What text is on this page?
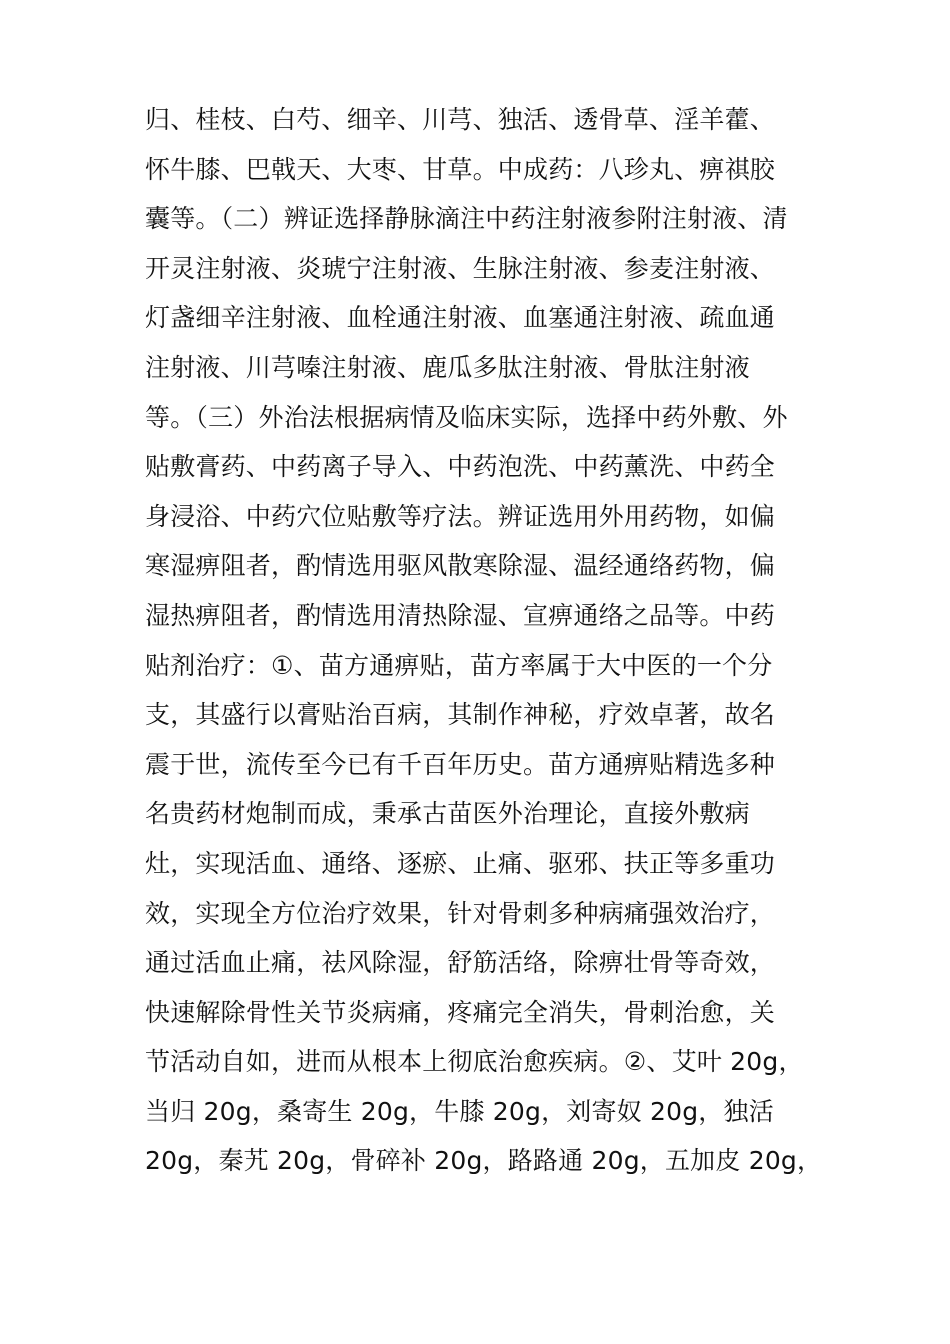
归、桂枝、白芍、细辛、川芎、独活、透骨草、淫羊藿、
怀牛膝、巴戟天、大枣、甘草。中成药：八珍丸、痹祺胶
囊等。（二）辨证选择静脉滴注中药注射液参附注射液、清
开灵注射液、炎琥宁注射液、生脉注射液、参麦注射液、
灯盏细辛注射液、血栓通注射液、血塞通注射液、疏血通
注射液、川芎嗪注射液、鹿瓜多肽注射液、骨肽注射液
等。（三）外治法根据病情及临床实际，选择中药外敷、外
贴敷膏药、中药离子导入、中药泡洗、中药薰洗、中药全
身浸浴、中药穴位贴敷等疗法。辨证选用外用药物，如偏
寒湿痹阻者，酌情选用驱风散寒除湿、温经通络药物，偏
湿热痹阻者，酌情选用清热除湿、宣痹通络之品等。中药
贴剂治疗：①、苗方通痹贴，苗方率属于大中医的一个分
支，其盛行以膏贴治百病，其制作神秘，疗效卓著，故名
震于世，流传至今已有千百年历史。苗方通痹贴精选多种
名贵药材炮制而成，秉承古苗医外治理论，直接外敷病
灶，实现活血、通络、逐瘀、止痛、驱邪、扶正等多重功
效，实现全方位治疗效果，针对骨刺多种病痛强效治疗，
通过活血止痛，祛风除湿，舒筋活络，除痹壮骨等奇效，
快速解除骨性关节炎病痛，疼痛完全消失，骨刺治愈，关
节活动自如，进而从根本上彻底治愈疾病。②、艾叶 20g，
当归 20g，桑寄生 20g，牛膝 20g，刘寄奴 20g，独活
20g，秦艽 20g，骨碎补 20g，路路通 20g，五加皮 20g，
